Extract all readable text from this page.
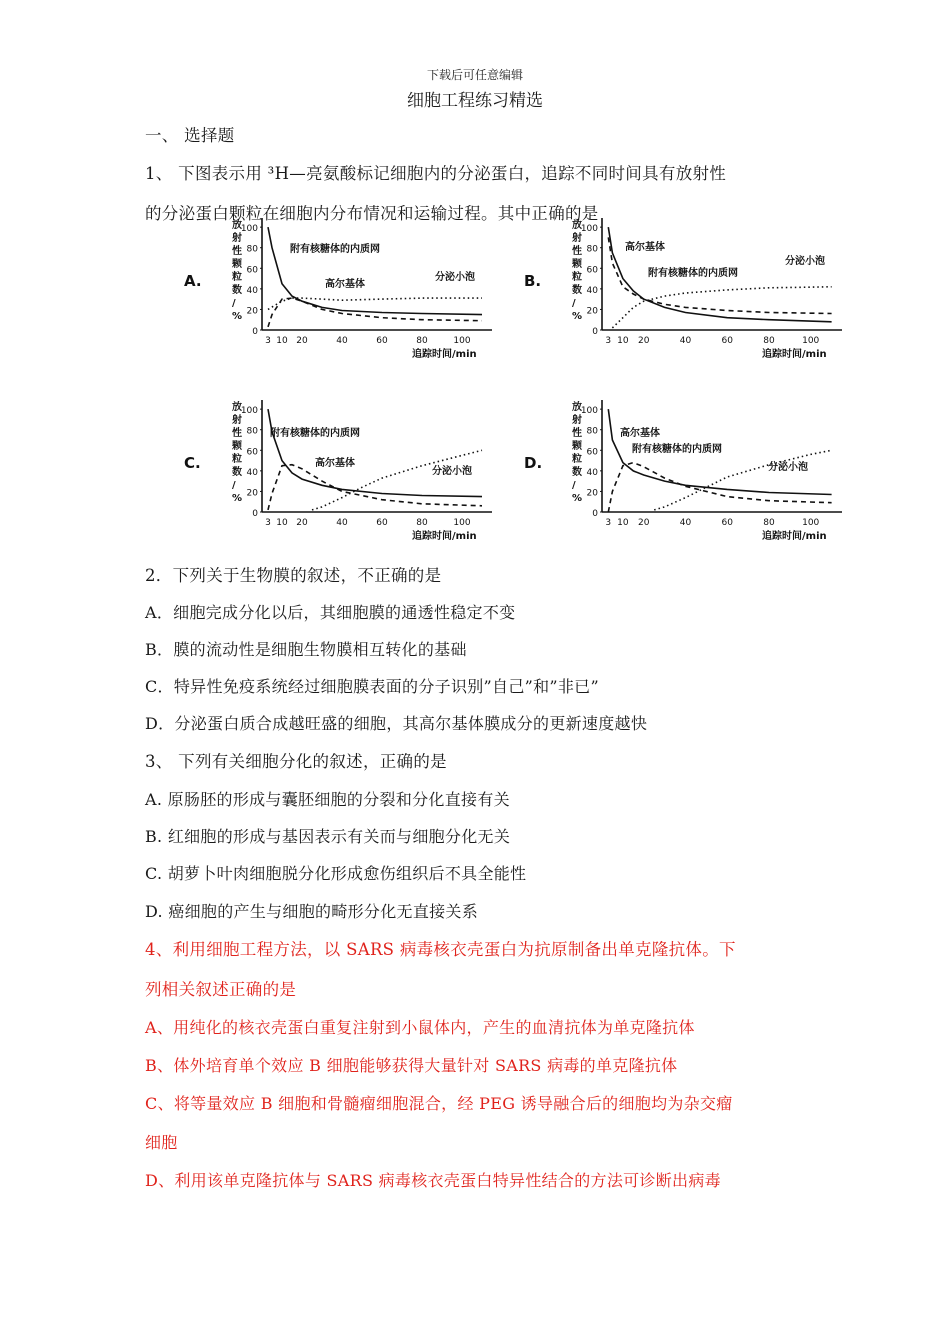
下载后可任意编辑
细胞工程练习精选
一、 选择题
1、 下图表示用 ³H—亮氨酸标记细胞内的分泌蛋白，追踪不同时间具有放射性
的分泌蛋白颗粒在细胞内分布情况和运输过程。其中正确的是
A.
放
射
性
颗
粒
数
/
%
100
80
60
40
20
0
3 10 20	40	60	80	100
追踪时间/min
附有核糖体的内质网
高尔基体
分泌小泡	B.
放
射
性
颗
粒
数
/
%
100
80
60
40
20
0
3 10 20	40	60	80	100
追踪时间/min
高尔基体
附有核糖体的内质网
分泌小泡
C.
放
射
性
颗
粒
数
/
%
100
80
60
40
20
0
3 10 20	40	60	80	100
追踪时间/min
附有核糖体的内质网
高尔基体
分泌小泡	D.
放
射
性
颗
粒
数
/
%
100
80
60
40
20
0
3 10 20	40	60	80	100
追踪时间/min
高尔基体
附有核糖体的内质网
分泌小泡
2．下列关于生物膜的叙述，不正确的是
A．细胞完成分化以后，其细胞膜的通透性稳定不变
B．膜的流动性是细胞生物膜相互转化的基础
C．特异性免疫系统经过细胞膜表面的分子识别”自己”和”非已”
D．分泌蛋白质合成越旺盛的细胞，其高尔基体膜成分的更新速度越快
3、 下列有关细胞分化的叙述，正确的是
A. 原肠胚的形成与囊胚细胞的分裂和分化直接有关
B. 红细胞的形成与基因表示有关而与细胞分化无关
C. 胡萝卜叶肉细胞脱分化形成愈伤组织后不具全能性
D. 癌细胞的产生与细胞的畸形分化无直接关系
4、利用细胞工程方法，以 SARS 病毒核衣壳蛋白为抗原制备出单克隆抗体。下
列相关叙述正确的是
A、用纯化的核衣壳蛋白重复注射到小鼠体内，产生的血清抗体为单克隆抗体
B、体外培育单个效应 B 细胞能够获得大量针对 SARS 病毒的单克隆抗体
C、将等量效应 B 细胞和骨髓瘤细胞混合，经 PEG 诱导融合后的细胞均为杂交瘤
细胞
D、利用该单克隆抗体与 SARS 病毒核衣壳蛋白特异性结合的方法可诊断出病毒
